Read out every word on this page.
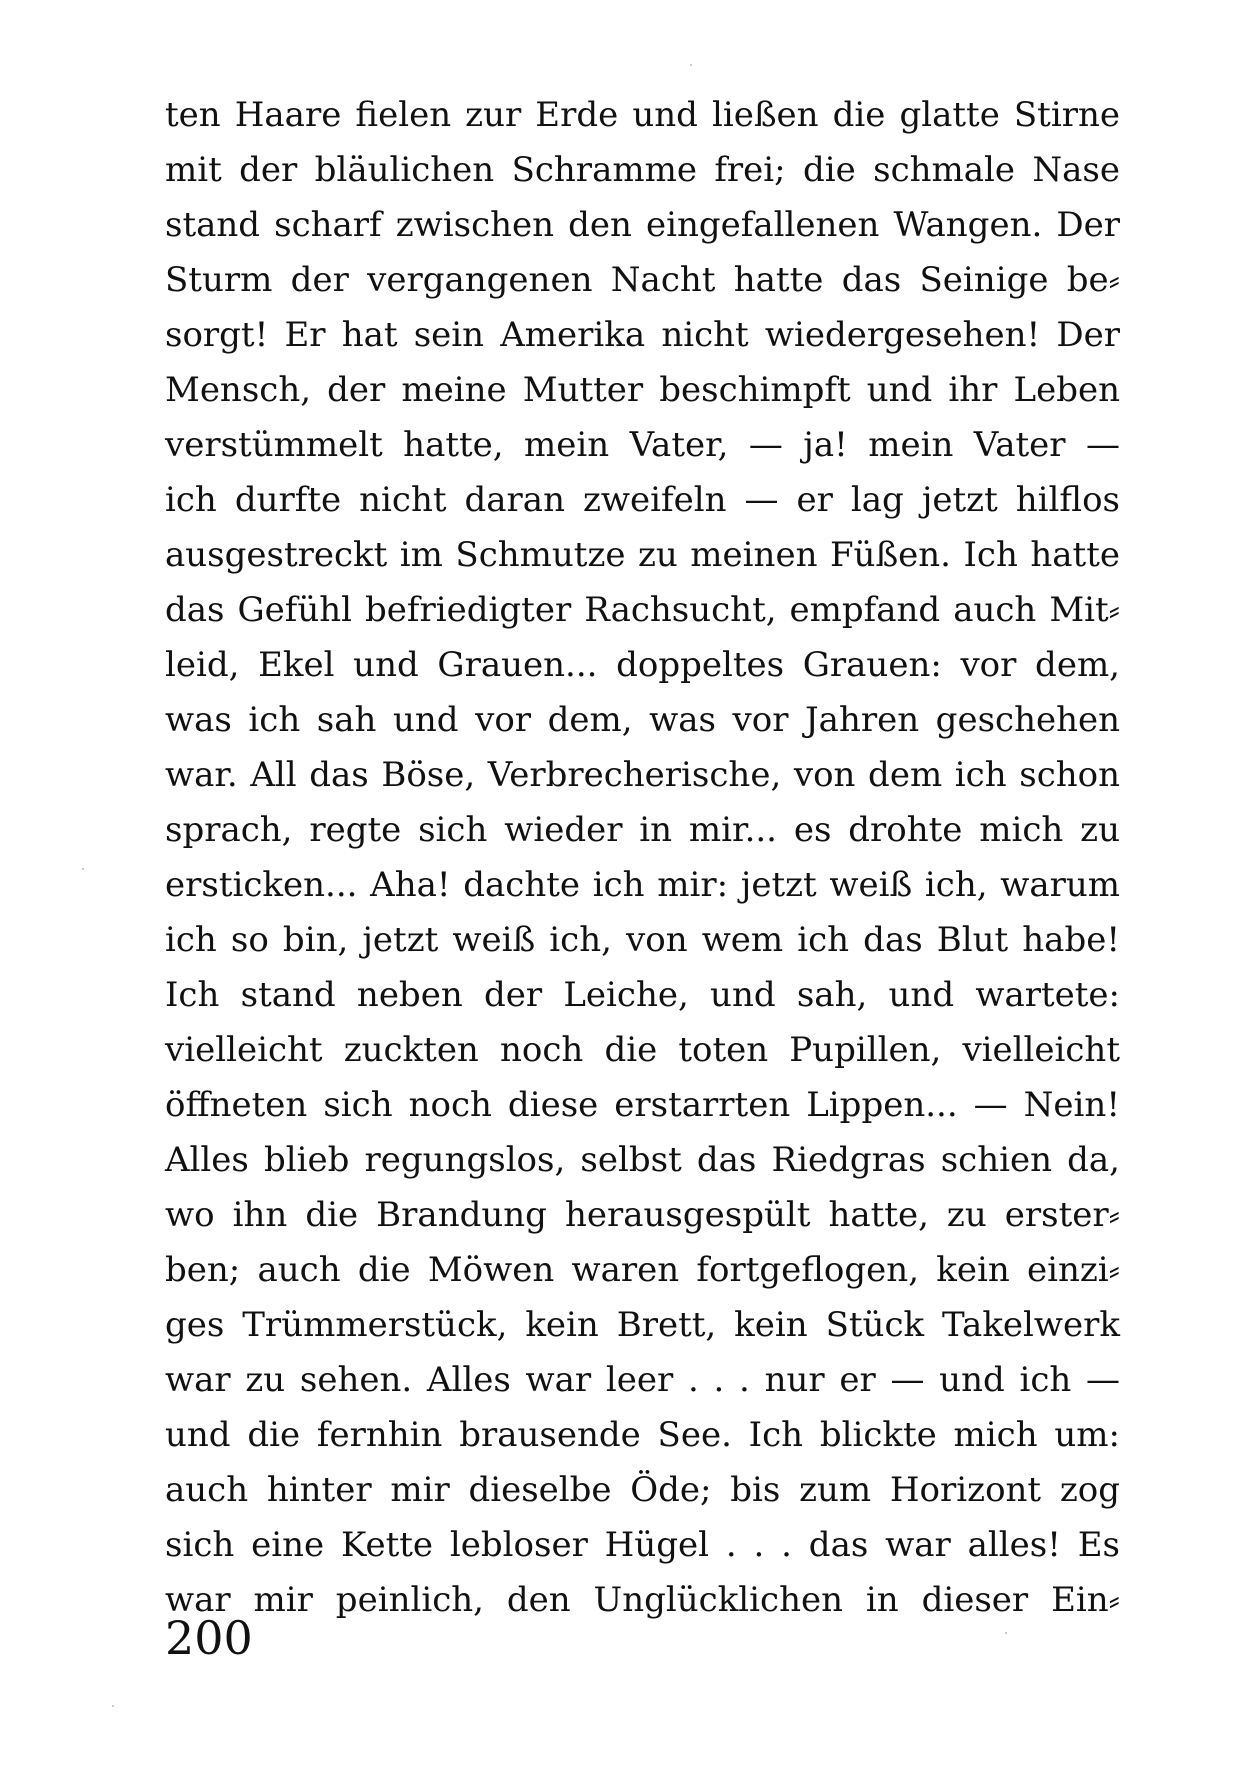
ten Haare fielen zur Erde und ließen die glatte Stirne
mit der bläulichen Schramme frei; die schmale Nase
stand scharf zwischen den eingefallenen Wangen. Der
Sturm der vergangenen Nacht hatte das Seinige be⸗
sorgt! Er hat sein Amerika nicht wiedergesehen! Der
Mensch, der meine Mutter beschimpft und ihr Leben
verstümmelt hatte, mein Vater, — ja! mein Vater —
ich durfte nicht daran zweifeln — er lag jetzt hilflos
ausgestreckt im Schmutze zu meinen Füßen. Ich hatte
das Gefühl befriedigter Rachsucht, empfand auch Mit⸗
leid, Ekel und Grauen... doppeltes Grauen: vor dem,
was ich sah und vor dem, was vor Jahren geschehen
war. All das Böse, Verbrecherische, von dem ich schon
sprach, regte sich wieder in mir... es drohte mich zu
ersticken... Aha! dachte ich mir: jetzt weiß ich, warum
ich so bin, jetzt weiß ich, von wem ich das Blut habe!
Ich stand neben der Leiche, und sah, und wartete:
vielleicht zuckten noch die toten Pupillen, vielleicht
öffneten sich noch diese erstarrten Lippen... — Nein!
Alles blieb regungslos, selbst das Riedgras schien da,
wo ihn die Brandung herausgespült hatte, zu erster⸗
ben; auch die Möwen waren fortgeflogen, kein einzi⸗
ges Trümmerstück, kein Brett, kein Stück Takelwerk
war zu sehen. Alles war leer . . . nur er — und ich —
und die fernhin brausende See. Ich blickte mich um:
auch hinter mir dieselbe Öde; bis zum Horizont zog
sich eine Kette lebloser Hügel . . . das war alles! Es
war mir peinlich, den Unglücklichen in dieser Ein⸗
200
